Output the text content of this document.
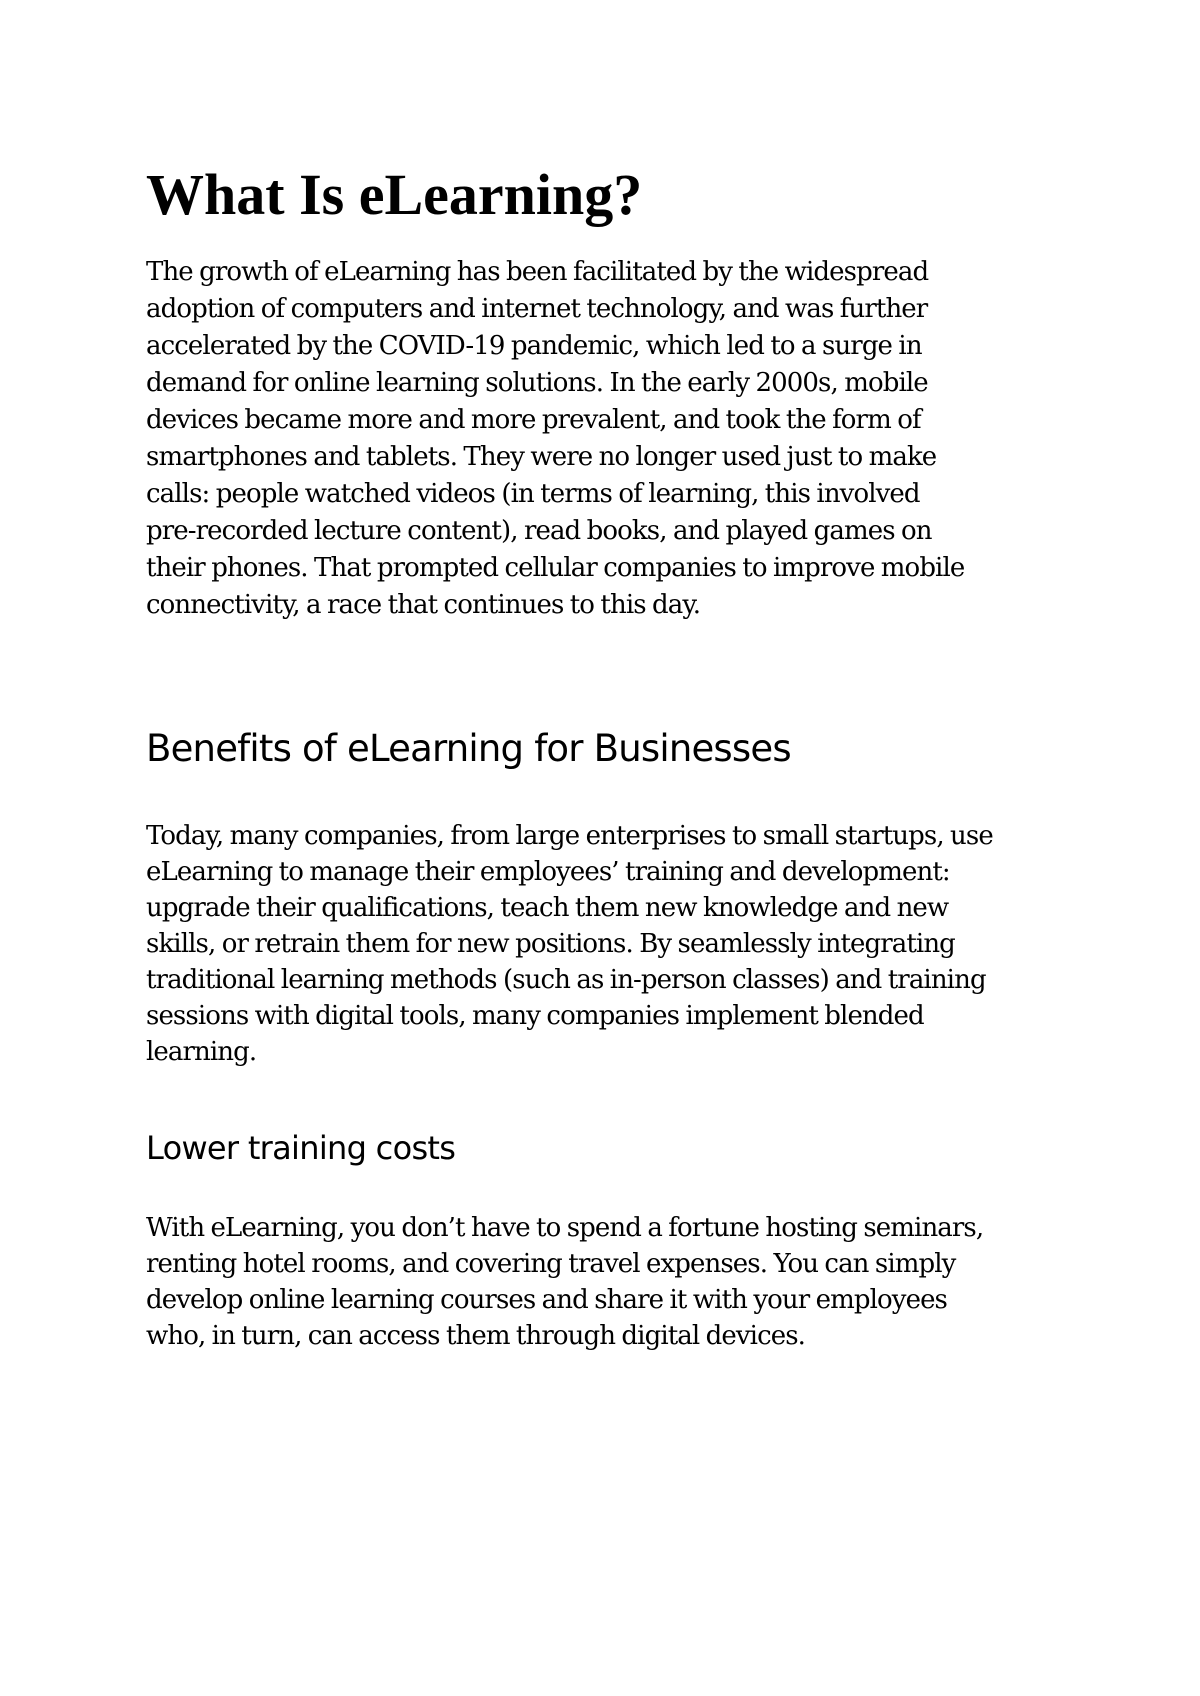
What Is eLearning?

The growth of eLearning has been facilitated by the widespread
adoption of computers and internet technology, and was further
accelerated by the COVID-19 pandemic, which led to a surge in
demand for online learning solutions. In the early 2000s, mobile
devices became more and more prevalent, and took the form of
smartphones and tablets. They were no longer used just to make
calls: people watched videos (in terms of learning, this involved
pre-recorded lecture content), read books, and played games on
their phones. That prompted cellular companies to improve mobile
connectivity, a race that continues to this day.

Benefits of eLearning for Businesses

Today, many companies, from large enterprises to small startups, use
eLearning to manage their employees’ training and development:
upgrade their qualifications, teach them new knowledge and new
skills, or retrain them for new positions. By seamlessly integrating
traditional learning methods (such as in-person classes) and training
sessions with digital tools, many companies implement blended
learning.

Lower training costs

With eLearning, you don’t have to spend a fortune hosting seminars,
renting hotel rooms, and covering travel expenses. You can simply
develop online learning courses and share it with your employees
who, in turn, can access them through digital devices.
